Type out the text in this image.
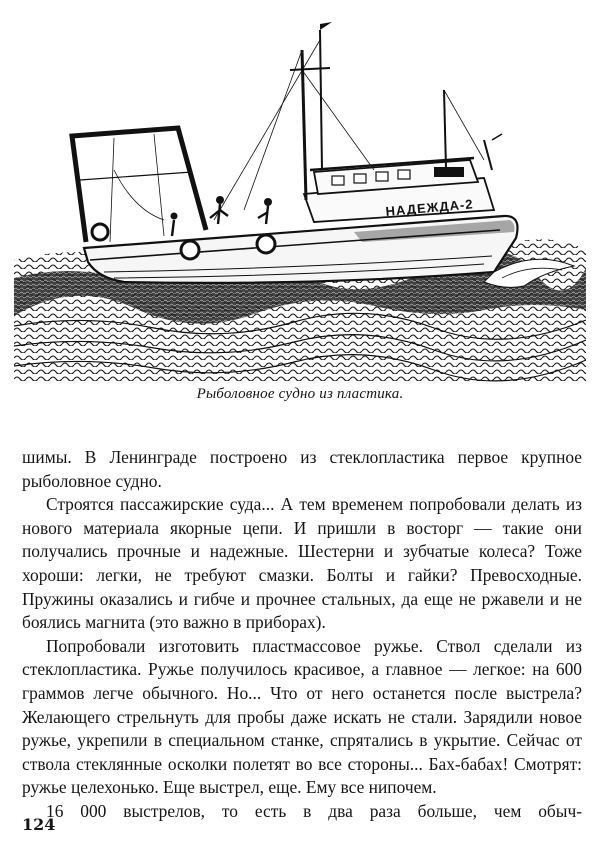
НАДЕЖДА-2
Рыболовное судно из пластика.

шимы. В Ленинграде построено из стеклопластика первое крупное рыболовное судно.

Строятся пассажирские суда... А тем временем попробовали делать из нового материала якорные цепи. И пришли в восторг — такие они получались прочные и надежные. Шестерни и зубчатые колеса? Тоже хороши: легки, не требуют смазки. Болты и гайки? Превосходные. Пружины оказались и гибче и прочнее стальных, да еще не ржавели и не боялись магнита (это важно в приборах).

Попробовали изготовить пластмассовое ружье. Ствол сделали из стеклопластика. Ружье получилось красивое, а главное — легкое: на 600 граммов легче обычного. Но... Что от него останется после выстрела? Желающего стрельнуть для пробы даже искать не стали. Зарядили новое ружье, укрепили в специальном станке, спрятались в укрытие. Сейчас от ствола стеклянные осколки полетят во все стороны... Бах-бабах! Смотрят: ружье целехонько. Еще выстрел, еще. Ему все нипочем.

16 000 выстрелов, то есть в два раза больше, чем обыч-

124
